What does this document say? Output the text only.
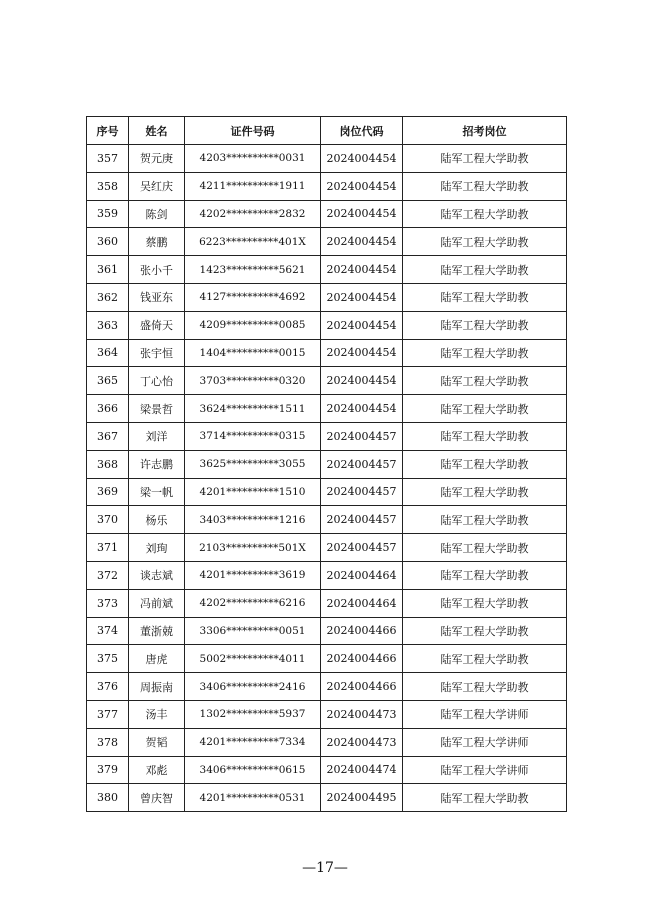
序号	姓名	证件号码	岗位代码	招考岗位
357	贺元庚	4203**********0031	2024004454	陆军工程大学助教
358	吴红庆	4211**********1911	2024004454	陆军工程大学助教
359	陈剑	4202**********2832	2024004454	陆军工程大学助教
360	蔡鹏	6223**********401X	2024004454	陆军工程大学助教
361	张小千	1423**********5621	2024004454	陆军工程大学助教
362	钱亚东	4127**********4692	2024004454	陆军工程大学助教
363	盛倚天	4209**********0085	2024004454	陆军工程大学助教
364	张宇恒	1404**********0015	2024004454	陆军工程大学助教
365	丁心怡	3703**********0320	2024004454	陆军工程大学助教
366	梁景哲	3624**********1511	2024004454	陆军工程大学助教
367	刘洋	3714**********0315	2024004457	陆军工程大学助教
368	许志鹏	3625**********3055	2024004457	陆军工程大学助教
369	梁一帆	4201**********1510	2024004457	陆军工程大学助教
370	杨乐	3403**********1216	2024004457	陆军工程大学助教
371	刘珣	2103**********501X	2024004457	陆军工程大学助教
372	谈志斌	4201**********3619	2024004464	陆军工程大学助教
373	冯前斌	4202**********6216	2024004464	陆军工程大学助教
374	董浙兢	3306**********0051	2024004466	陆军工程大学助教
375	唐虎	5002**********4011	2024004466	陆军工程大学助教
376	周振南	3406**********2416	2024004466	陆军工程大学助教
377	汤丰	1302**********5937	2024004473	陆军工程大学讲师
378	贺韬	4201**********7334	2024004473	陆军工程大学讲师
379	邓彪	3406**********0615	2024004474	陆军工程大学讲师
380	曾庆智	4201**********0531	2024004495	陆军工程大学助教
—17—
